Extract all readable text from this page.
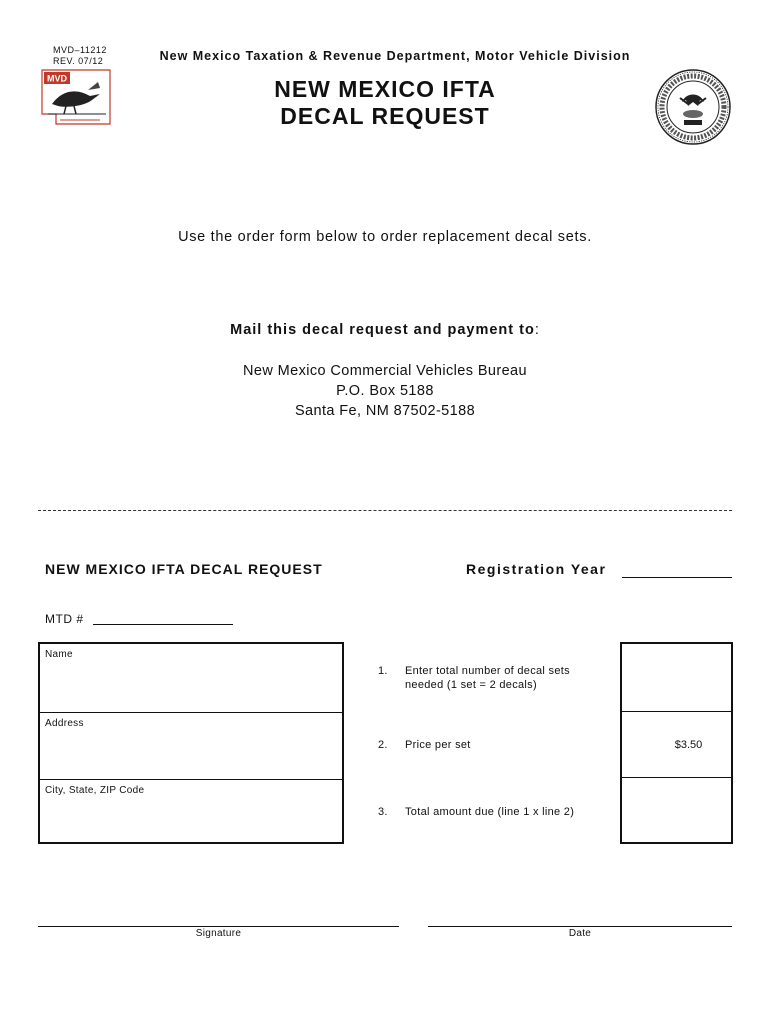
MVD–11212
REV. 07/12
MVD
New Mexico Taxation & Revenue Department, Motor Vehicle Division
NEW MEXICO IFTA
DECAL REQUEST
Use the order form below to order replacement decal sets.
Mail this decal request and payment to:
New Mexico Commercial Vehicles Bureau
P.O. Box 5188
Santa Fe, NM 87502-5188
NEW MEXICO IFTA DECAL REQUEST	Registration Year
MTD #
Name
Address
City, State, ZIP Code
1. Enter total number of decal sets
needed (1 set = 2 decals)
2. Price per set
3. Total amount due (line 1 x line 2)
$3.50
Signature	Date
